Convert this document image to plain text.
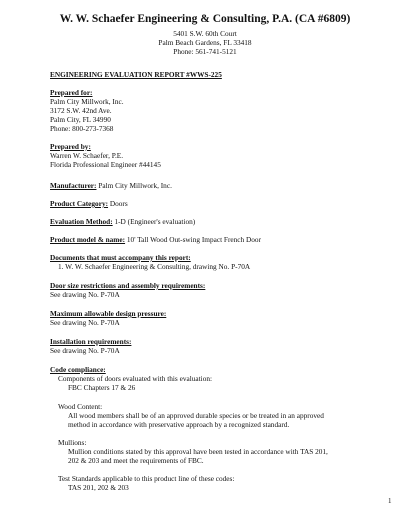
W. W. Schaefer Engineering & Consulting, P.A. (CA #6809)
5401 S.W. 60th Court
Palm Beach Gardens, FL 33418
Phone: 561-741-5121
ENGINEERING EVALUATION REPORT #WWS-225
Prepared for:
Palm City Millwork, Inc.
3172 S.W. 42nd Ave.
Palm City, FL 34990
Phone: 800-273-7368
Prepared by:
Warren W. Schaefer, P.E.
Florida Professional Engineer #44145
Manufacturer: Palm City Millwork, Inc.
Product Category: Doors
Evaluation Method: 1-D (Engineer's evaluation)
Product model & name: 10' Tall Wood Out-swing Impact French Door
Documents that must accompany this report:
1. W. W. Schaefer Engineering & Consulting, drawing No. P-70A
Door size restrictions and assembly requirements:
See drawing No. P-70A
Maximum allowable design pressure:
See drawing No. P-70A
Installation requirements:
See drawing No. P-70A
Code compliance:
Components of doors evaluated with this evaluation:
FBC Chapters 17 & 26
Wood Content:
All wood members shall be of an approved durable species or be treated in an approved
method in accordance with preservative approach by a recognized standard.
Mullions:
Mullion conditions stated by this approval have been tested in accordance with TAS 201,
202 & 203 and meet the requirements of FBC.
Test Standards applicable to this product line of these codes:
TAS 201, 202 & 203
1
